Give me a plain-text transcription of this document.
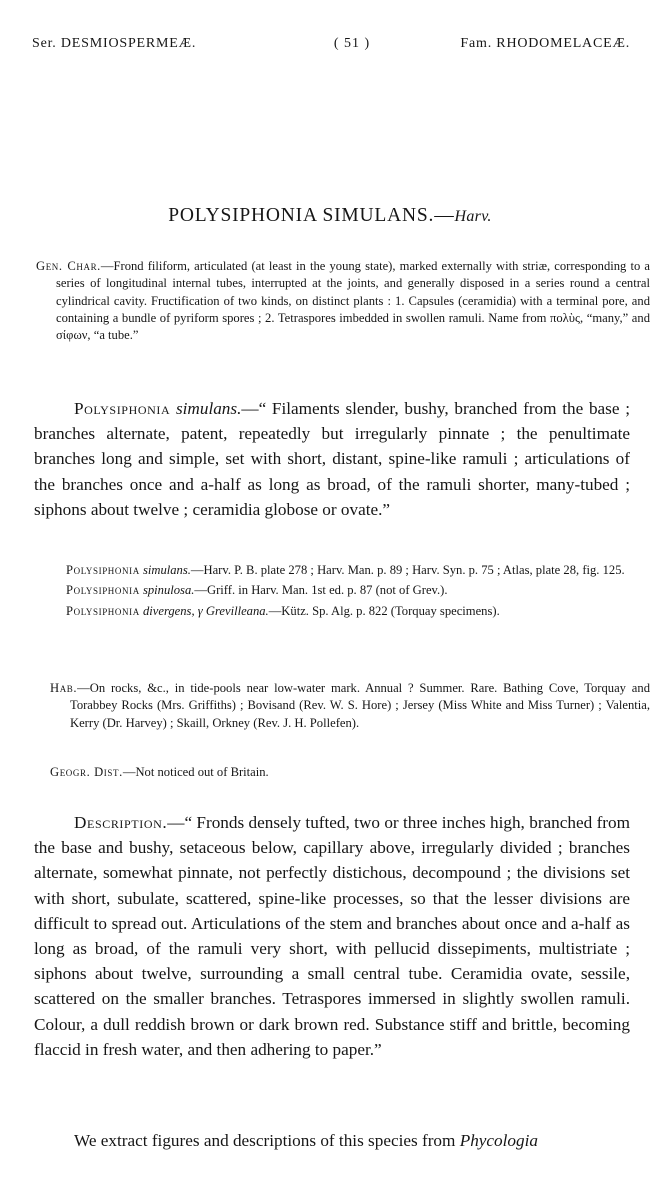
Ser. DESMIOSPERMEÆ.	( 51 )	Fam. RHODOMELACEÆ.
POLYSIPHONIA SIMULANS.—Harv.
Gen. Char.—Frond filiform, articulated (at least in the young state), marked externally with striæ, corresponding to a series of longitudinal internal tubes, interrupted at the joints, and generally disposed in a series round a central cylindrical cavity. Fructification of two kinds, on distinct plants : 1. Capsules (ceramidia) with a terminal pore, and containing a bundle of pyriform spores ; 2. Tetraspores imbedded in swollen ramuli. Name from πολὺς, “many,” and σίφων, “a tube.”
Polysiphonia simulans.—“ Filaments slender, bushy, branched from the base ; branches alternate, patent, repeatedly but irregularly pinnate ; the penultimate branches long and simple, set with short, distant, spine-like ramuli ; articulations of the branches once and a-half as long as broad, of the ramuli shorter, many-tubed ; siphons about twelve ; ceramidia globose or ovate.”
Polysiphonia simulans.—Harv. P. B. plate 278 ; Harv. Man. p. 89 ; Harv. Syn. p. 75 ; Atlas, plate 28, fig. 125.
Polysiphonia spinulosa.—Griff. in Harv. Man. 1st ed. p. 87 (not of Grev.).
Polysiphonia divergens, γ Grevilleana.—Kütz. Sp. Alg. p. 822 (Torquay specimens).
Hab.—On rocks, &c., in tide-pools near low-water mark. Annual ? Summer. Rare. Bathing Cove, Torquay and Torabbey Rocks (Mrs. Griffiths) ; Bovisand (Rev. W. S. Hore) ; Jersey (Miss White and Miss Turner) ; Valentia, Kerry (Dr. Harvey) ; Skaill, Orkney (Rev. J. H. Pollefen).
Geogr. Dist.—Not noticed out of Britain.
Description.—“ Fronds densely tufted, two or three inches high, branched from the base and bushy, setaceous below, capillary above, irregularly divided ; branches alternate, somewhat pinnate, not perfectly distichous, decompound ; the divisions set with short, subulate, scattered, spine-like processes, so that the lesser divisions are difficult to spread out. Articulations of the stem and branches about once and a-half as long as broad, of the ramuli very short, with pellucid dissepiments, multistriate ; siphons about twelve, surrounding a small central tube. Ceramidia ovate, sessile, scattered on the smaller branches. Tetraspores immersed in slightly swollen ramuli. Colour, a dull reddish brown or dark brown red. Substance stiff and brittle, becoming flaccid in fresh water, and then adhering to paper.”
We extract figures and descriptions of this species from Phycologia
